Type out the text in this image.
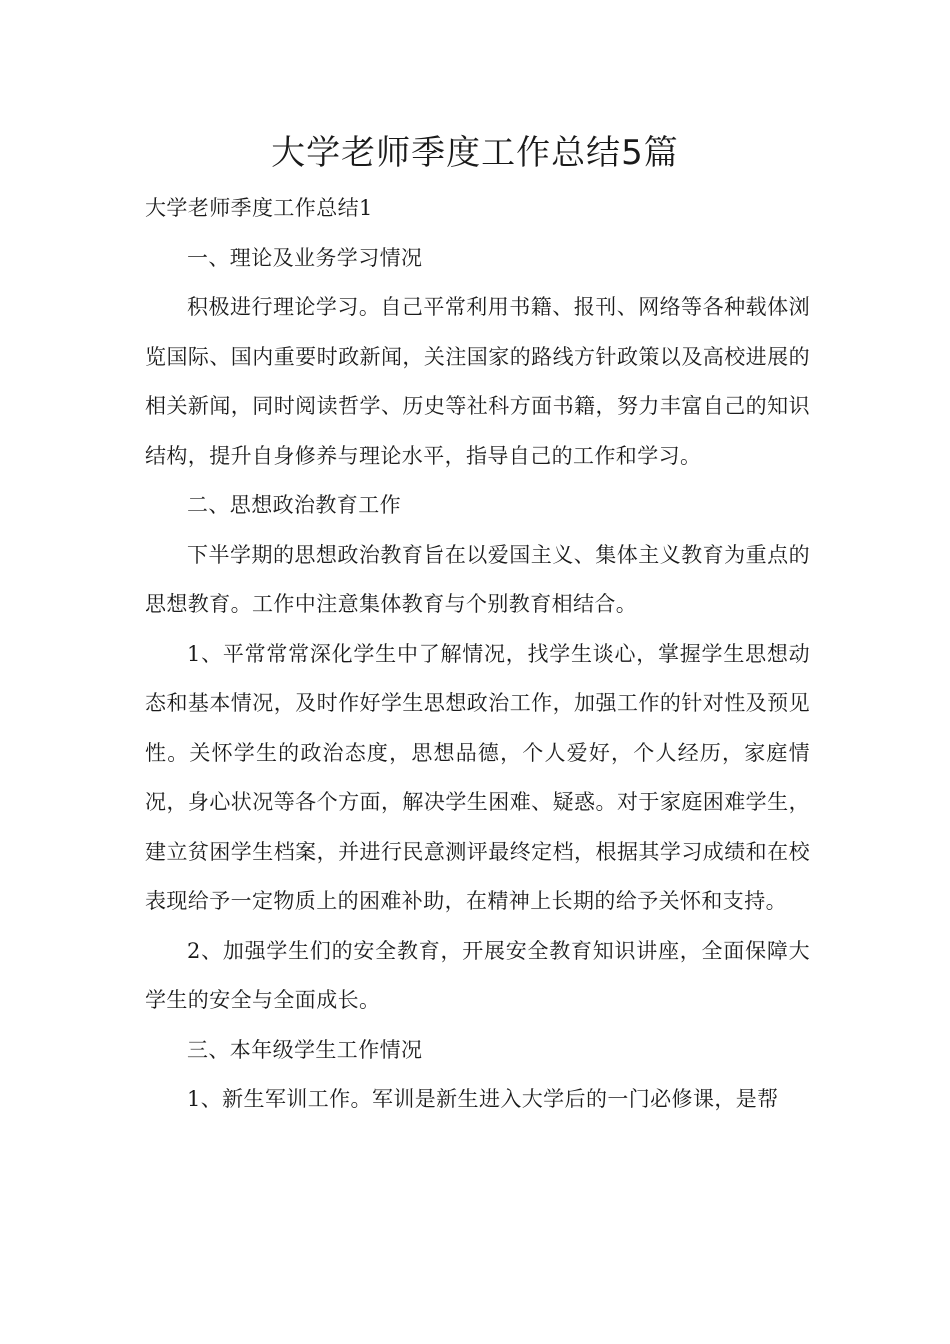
大学老师季度工作总结5篇

大学老师季度工作总结1

一、理论及业务学习情况

积极进行理论学习。自己平常利用书籍、报刊、网络等各种载体浏览国际、国内重要时政新闻，关注国家的路线方针政策以及高校进展的相关新闻，同时阅读哲学、历史等社科方面书籍，努力丰富自己的知识结构，提升自身修养与理论水平，指导自己的工作和学习。

二、思想政治教育工作

下半学期的思想政治教育旨在以爱国主义、集体主义教育为重点的思想教育。工作中注意集体教育与个别教育相结合。

1、平常常常深化学生中了解情况，找学生谈心，掌握学生思想动态和基本情况，及时作好学生思想政治工作，加强工作的针对性及预见性。关怀学生的政治态度，思想品德，个人爱好，个人经历，家庭情况，身心状况等各个方面，解决学生困难、疑惑。对于家庭困难学生，建立贫困学生档案，并进行民意测评最终定档，根据其学习成绩和在校表现给予一定物质上的困难补助，在精神上长期的给予关怀和支持。

2、加强学生们的安全教育，开展安全教育知识讲座，全面保障大学生的安全与全面成长。

三、本年级学生工作情况

1、新生军训工作。军训是新生进入大学后的一门必修课，是帮
